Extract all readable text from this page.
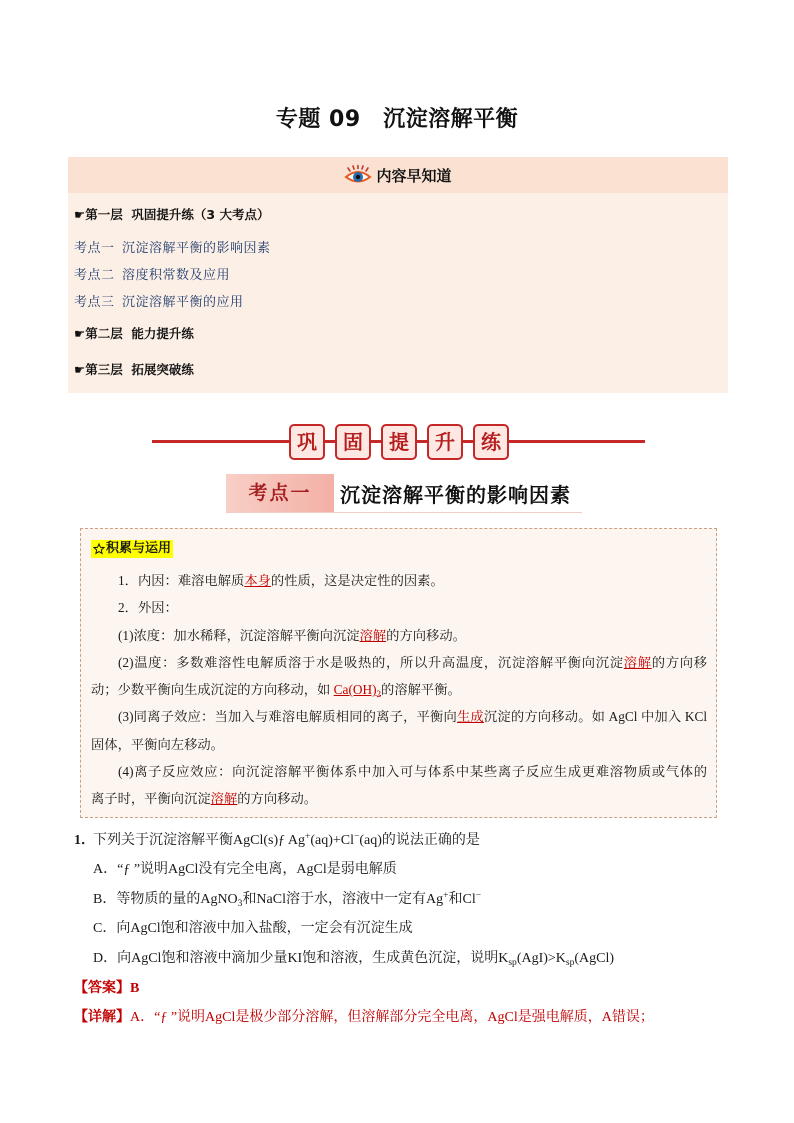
专题 09　沉淀溶解平衡
内容早知道
☛第一层  巩固提升练（3 大考点）
考点一  沉淀溶解平衡的影响因素
考点二  溶度积常数及应用
考点三  沉淀溶解平衡的应用
☛第二层  能力提升练
☛第三层  拓展突破练
巩	固	提	升	练
考点一	沉淀溶解平衡的影响因素
积累与运用
1．内因：难溶电解质本身的性质，这是决定性的因素。
2．外因：
(1)浓度：加水稀释，沉淀溶解平衡向沉淀溶解的方向移动。
(2)温度：多数难溶性电解质溶于水是吸热的，所以升高温度，沉淀溶解平衡向沉淀溶解的方向移
动；少数平衡向生成沉淀的方向移动，如 $Ca(OH)_2$的溶解平衡。
(3)同离子效应：当加入与难溶电解质相同的离子，平衡向生成沉淀的方向移动。如 AgCl 中加入 KCl
固体，平衡向左移动。
(4)离子反应效应：向沉淀溶解平衡体系中加入可与体系中某些离子反应生成更难溶物质或气体的
离子时，平衡向沉淀溶解的方向移动。
1．
下列关于沉淀溶解平衡AgCl(s)ƒ Ag+(aq)+Cl−(aq)的说法正确的是
A．“ƒ ”说明AgCl没有完全电离，AgCl是弱电解质
B．等物质的量的AgNO$_3$和NaCl溶于水，溶液中一定有Ag+和Cl−
C．向AgCl饱和溶液中加入盐酸，一定会有沉淀生成
D．向AgCl饱和溶液中滴加少量KI饱和溶液，生成黄色沉淀，说明$K_{sp}(AgI)>K_{sp}(AgCl)$
【答案】B
【详解】A．“ƒ ”说明AgCl是极少部分溶解，但溶解部分完全电离，AgCl是强电解质，A错误；
